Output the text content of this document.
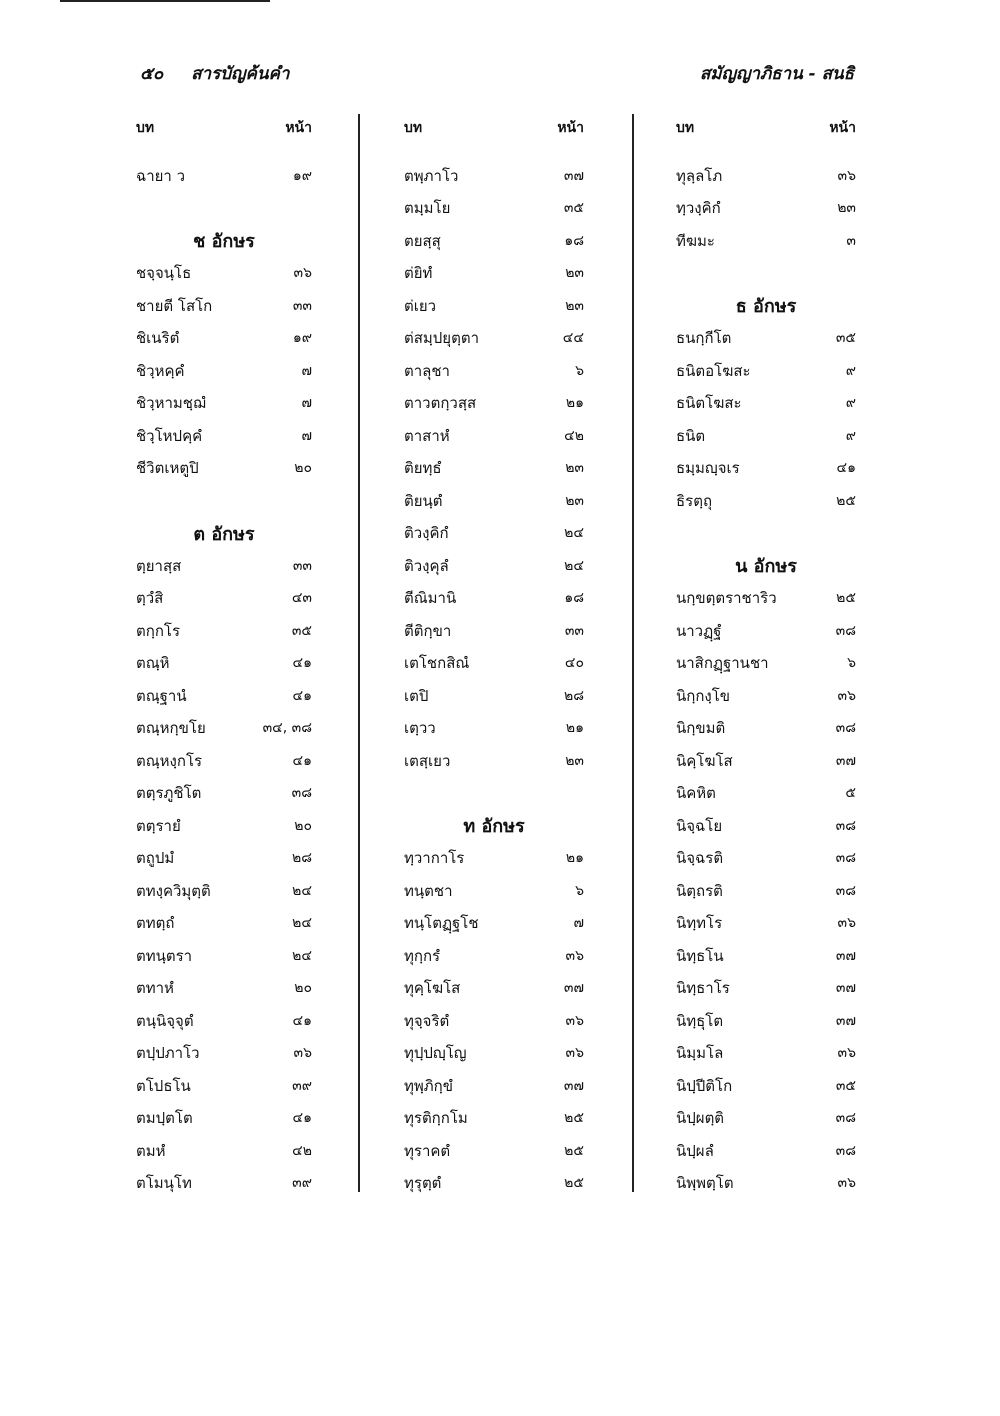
๕๐ สารบัญค้นคำ	สมัญญาภิธาน - สนธิ
บท	หน้า
ฉายา ว	๑๙
ช อักษร
ชจฺจนฺโธ	๓๖
ชายตี โสโก	๓๓
ชิเนริตํ	๑๙
ชิวฺหคฺคํ	๗
ชิวฺหามชฺฌํ	๗
ชิวฺโหปคฺคํ	๗
ชีวิตเหตูปิ	๒๐
ต อักษร
ตฺยาสฺส	๓๓
ตฺวํสิ	๔๓
ตกฺกโร	๓๕
ตณฺหิ	๔๑
ตณฺฐานํ	๔๑
ตณฺหกฺขโย	๓๔, ๓๘
ตณฺหงฺกโร	๔๑
ตตฺรภูชิโต	๓๘
ตตฺรายํ	๒๐
ตถูปมํ	๒๘
ตทงฺควิมุตฺติ	๒๔
ตทตฺถํ	๒๔
ตทนฺตรา	๒๔
ตทาหํ	๒๐
ตนฺนิจฺจุตํ	๔๑
ตปฺปภาโว	๓๖
ตโปธโน	๓๙
ตมปฺตโต	๔๑
ตมหํ	๔๒
ตโมนุโท	๓๙
บท	หน้า
ตพฺภาโว	๓๗
ตมฺมโย	๓๕
ตยสฺสุ	๑๘
ต่ยิทํ	๒๓
ต่เยว	๒๓
ต่สมฺปยุตฺตา	๔๔
ตาลุชา	๖
ตาวตกฺวสฺส	๒๑
ตาสาหํ	๔๒
ติยทฺธํ	๒๓
ติยนฺตํ	๒๓
ติวงฺคิกํ	๒๔
ติวงฺคุลํ	๒๔
ตีณิมานิ	๑๘
ตีติกฺขา	๓๓
เตโชกสิณํ	๔๐
เตปิ	๒๘
เตฺวว	๒๑
เตสฺเยว	๒๓
ท อักษร
ทฺวากาโร	๒๑
ทนฺตชา	๖
ทนฺโตฏฺฐโช	๗
ทุกฺกรํ	๓๖
ทุคฺโฆโส	๓๗
ทุจฺจริตํ	๓๖
ทุปฺปญฺโญ	๓๖
ทุพฺภิกฺขํ	๓๗
ทุรติกฺกโม	๒๕
ทุราคตํ	๒๕
ทุรุตฺตํ	๒๕
บท	หน้า
ทุลฺลโภ	๓๖
ทฺวงฺคิกํ	๒๓
ทีฆมะ	๓
ธ อักษร
ธนกฺกีโต	๓๕
ธนิตอโฆสะ	๙
ธนิตโฆสะ	๙
ธนิต	๙
ธมฺมญฺจเร	๔๑
ธิรตฺถุ	๒๕
น อักษร
นกฺขตฺตราชาริว	๒๕
นาวฏฺฐํ	๓๘
นาสิกฏฺฐานชา	๖
นิกฺกงฺโข	๓๖
นิกฺขมติ	๓๘
นิคฺโฆโส	๓๗
นิคหิต	๕
นิจฺฉโย	๓๘
นิจฺฉรติ	๓๘
นิตฺถรติ	๓๘
นิทฺทโร	๓๖
นิทฺธโน	๓๗
นิทฺธาโร	๓๗
นิทฺธุโต	๓๗
นิมฺมโล	๓๖
นิปฺปีติโก	๓๕
นิปฺผตฺติ	๓๘
นิปฺผลํ	๓๘
นิพฺพตฺโต	๓๖
